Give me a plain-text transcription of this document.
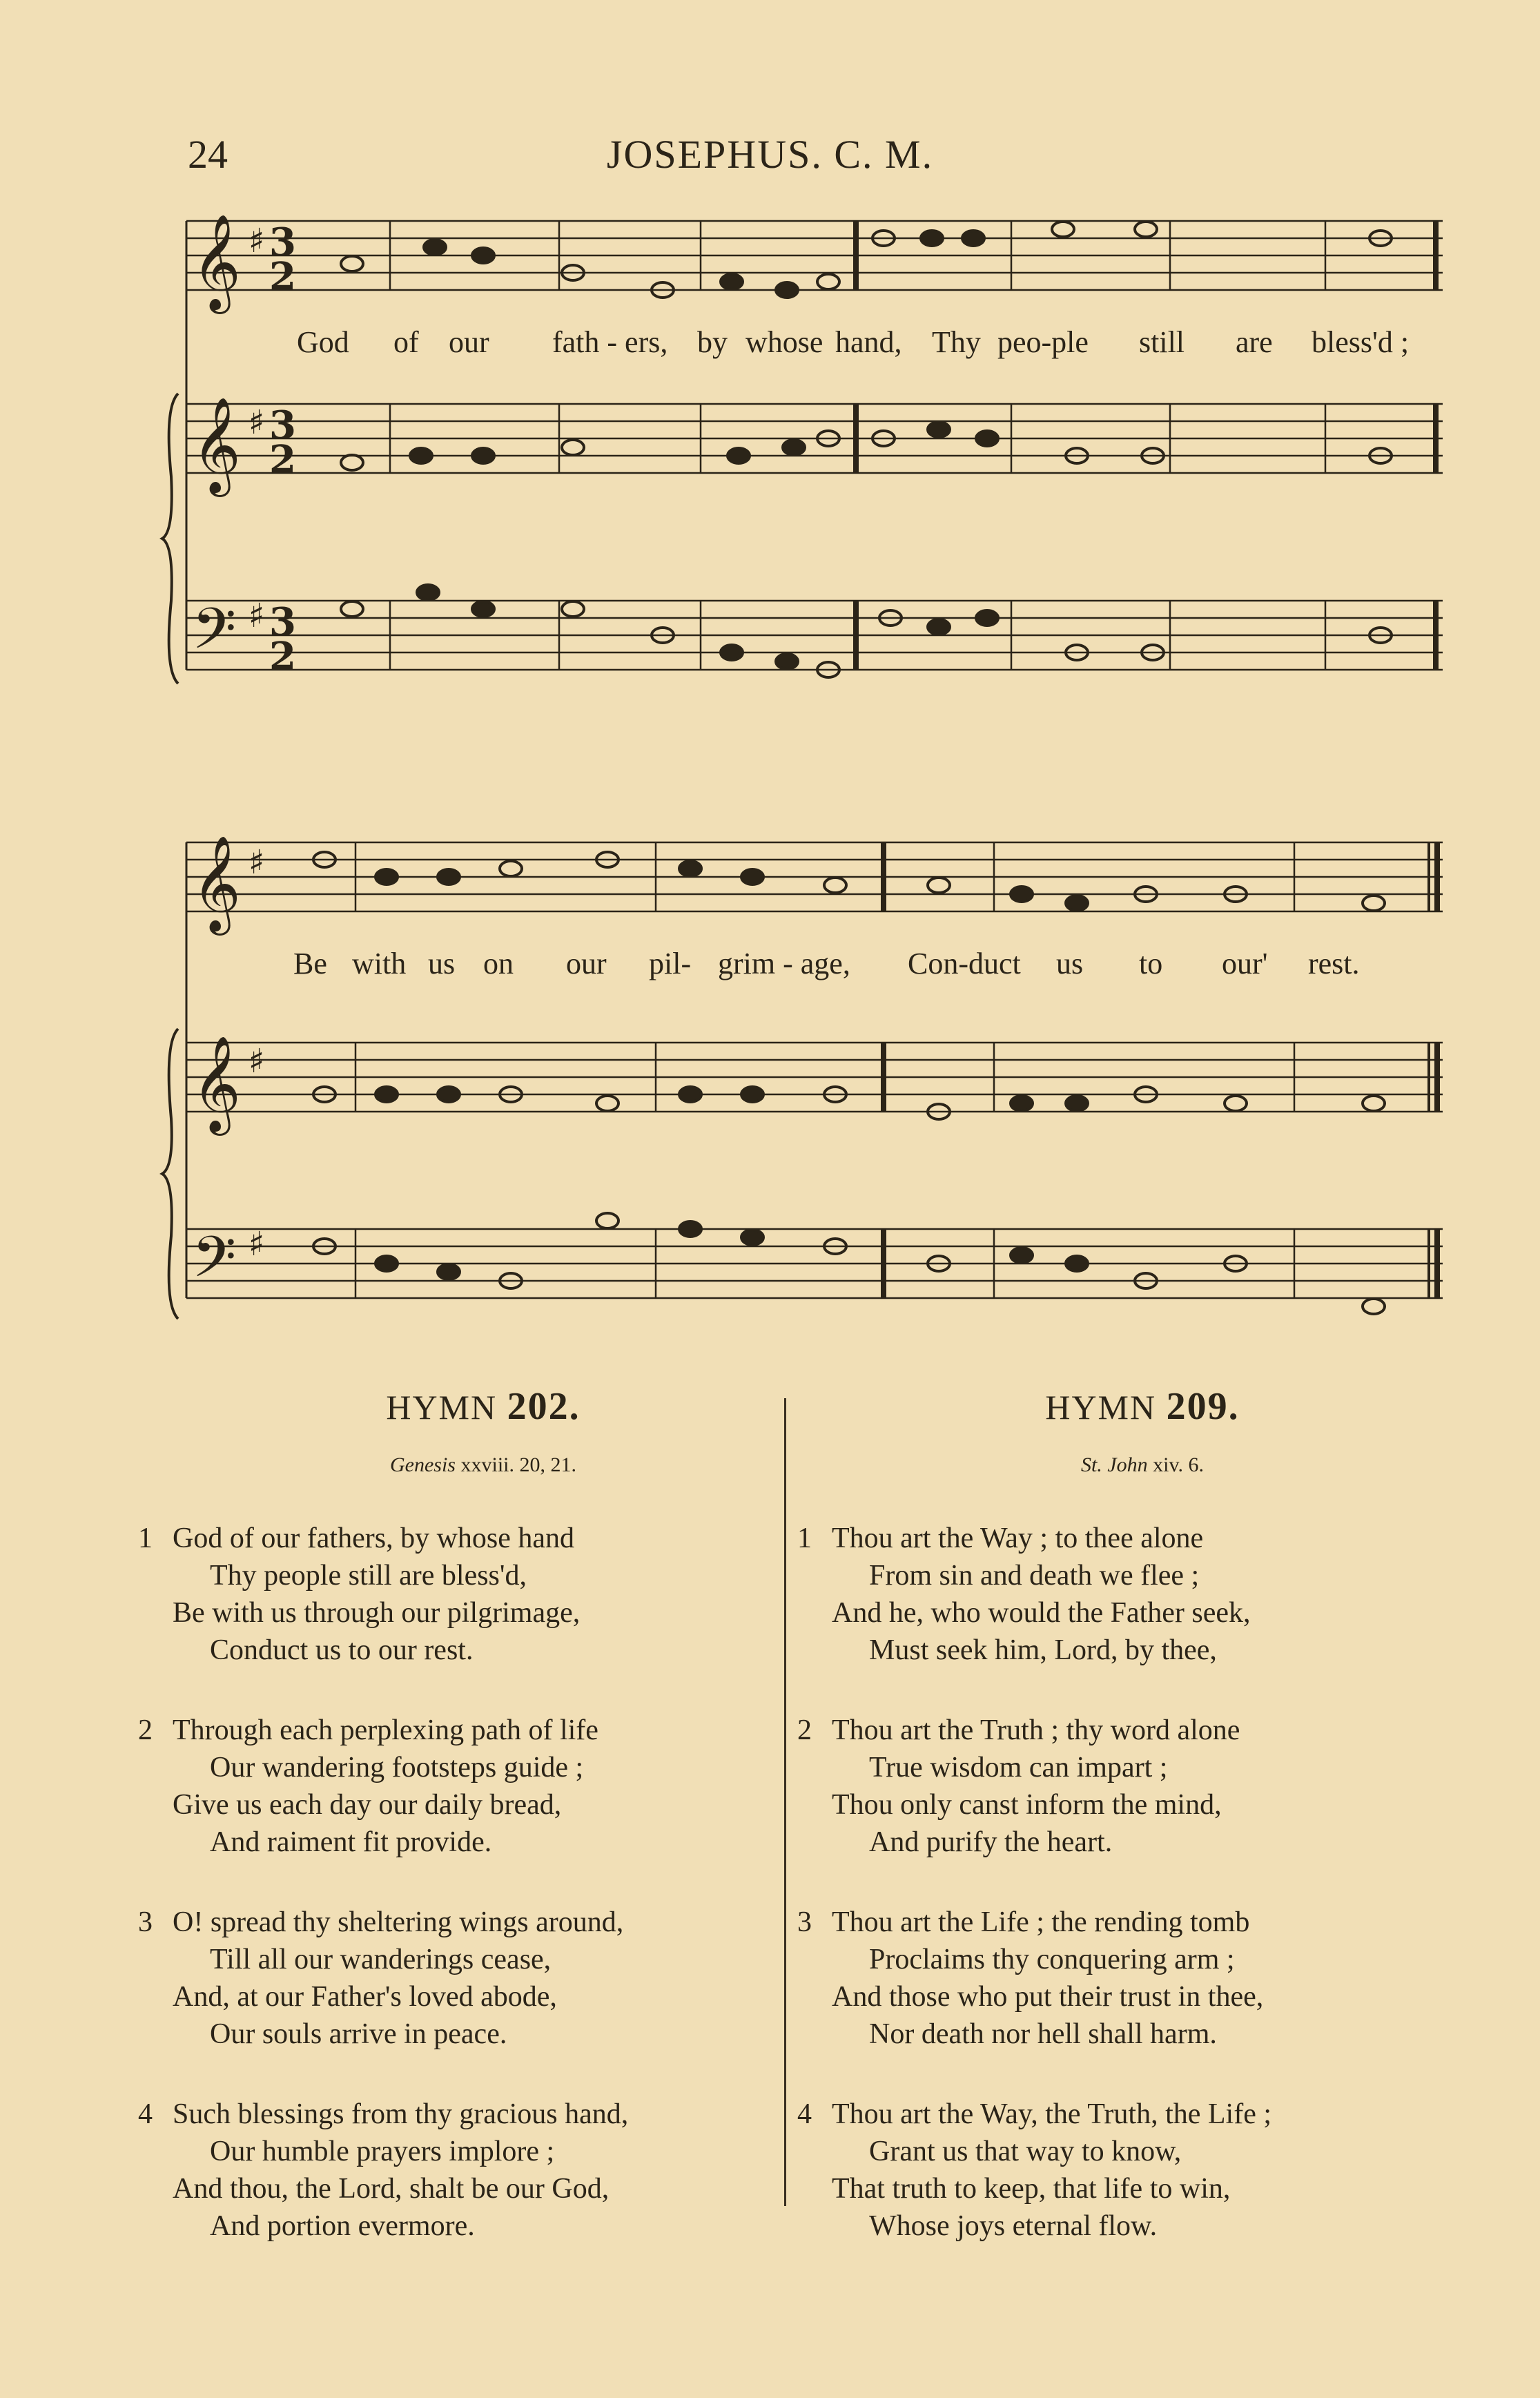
24	JOSEPHUS. C. M.
𝄞
𝄞
𝄢
♯
♯
♯
3
2
3
2
3
2
God of our fath - ers, by whose hand, Thy peo-ple still are bless'd ;
𝄞
𝄞
𝄢
♯
♯
♯
Be with us on our pil- grim - age, Con-duct us to our' rest.
HYMN 202.
Genesis xxviii. 20, 21.
1 God of our fathers, by whose hand
Thy people still are bless'd,
Be with us through our pilgrimage,
Conduct us to our rest.
2 Through each perplexing path of life
Our wandering footsteps guide ;
Give us each day our daily bread,
And raiment fit provide.
3 O! spread thy sheltering wings around,
Till all our wanderings cease,
And, at our Father's loved abode,
Our souls arrive in peace.
4 Such blessings from thy gracious hand,
Our humble prayers implore ;
And thou, the Lord, shalt be our God,
And portion evermore.
HYMN 209.
St. John xiv. 6.
1 Thou art the Way ; to thee alone
From sin and death we flee ;
And he, who would the Father seek,
Must seek him, Lord, by thee,
2 Thou art the Truth ; thy word alone
True wisdom can impart ;
Thou only canst inform the mind,
And purify the heart.
3 Thou art the Life ; the rending tomb
Proclaims thy conquering arm ;
And those who put their trust in thee,
Nor death nor hell shall harm.
4 Thou art the Way, the Truth, the Life ;
Grant us that way to know,
That truth to keep, that life to win,
Whose joys eternal flow.
